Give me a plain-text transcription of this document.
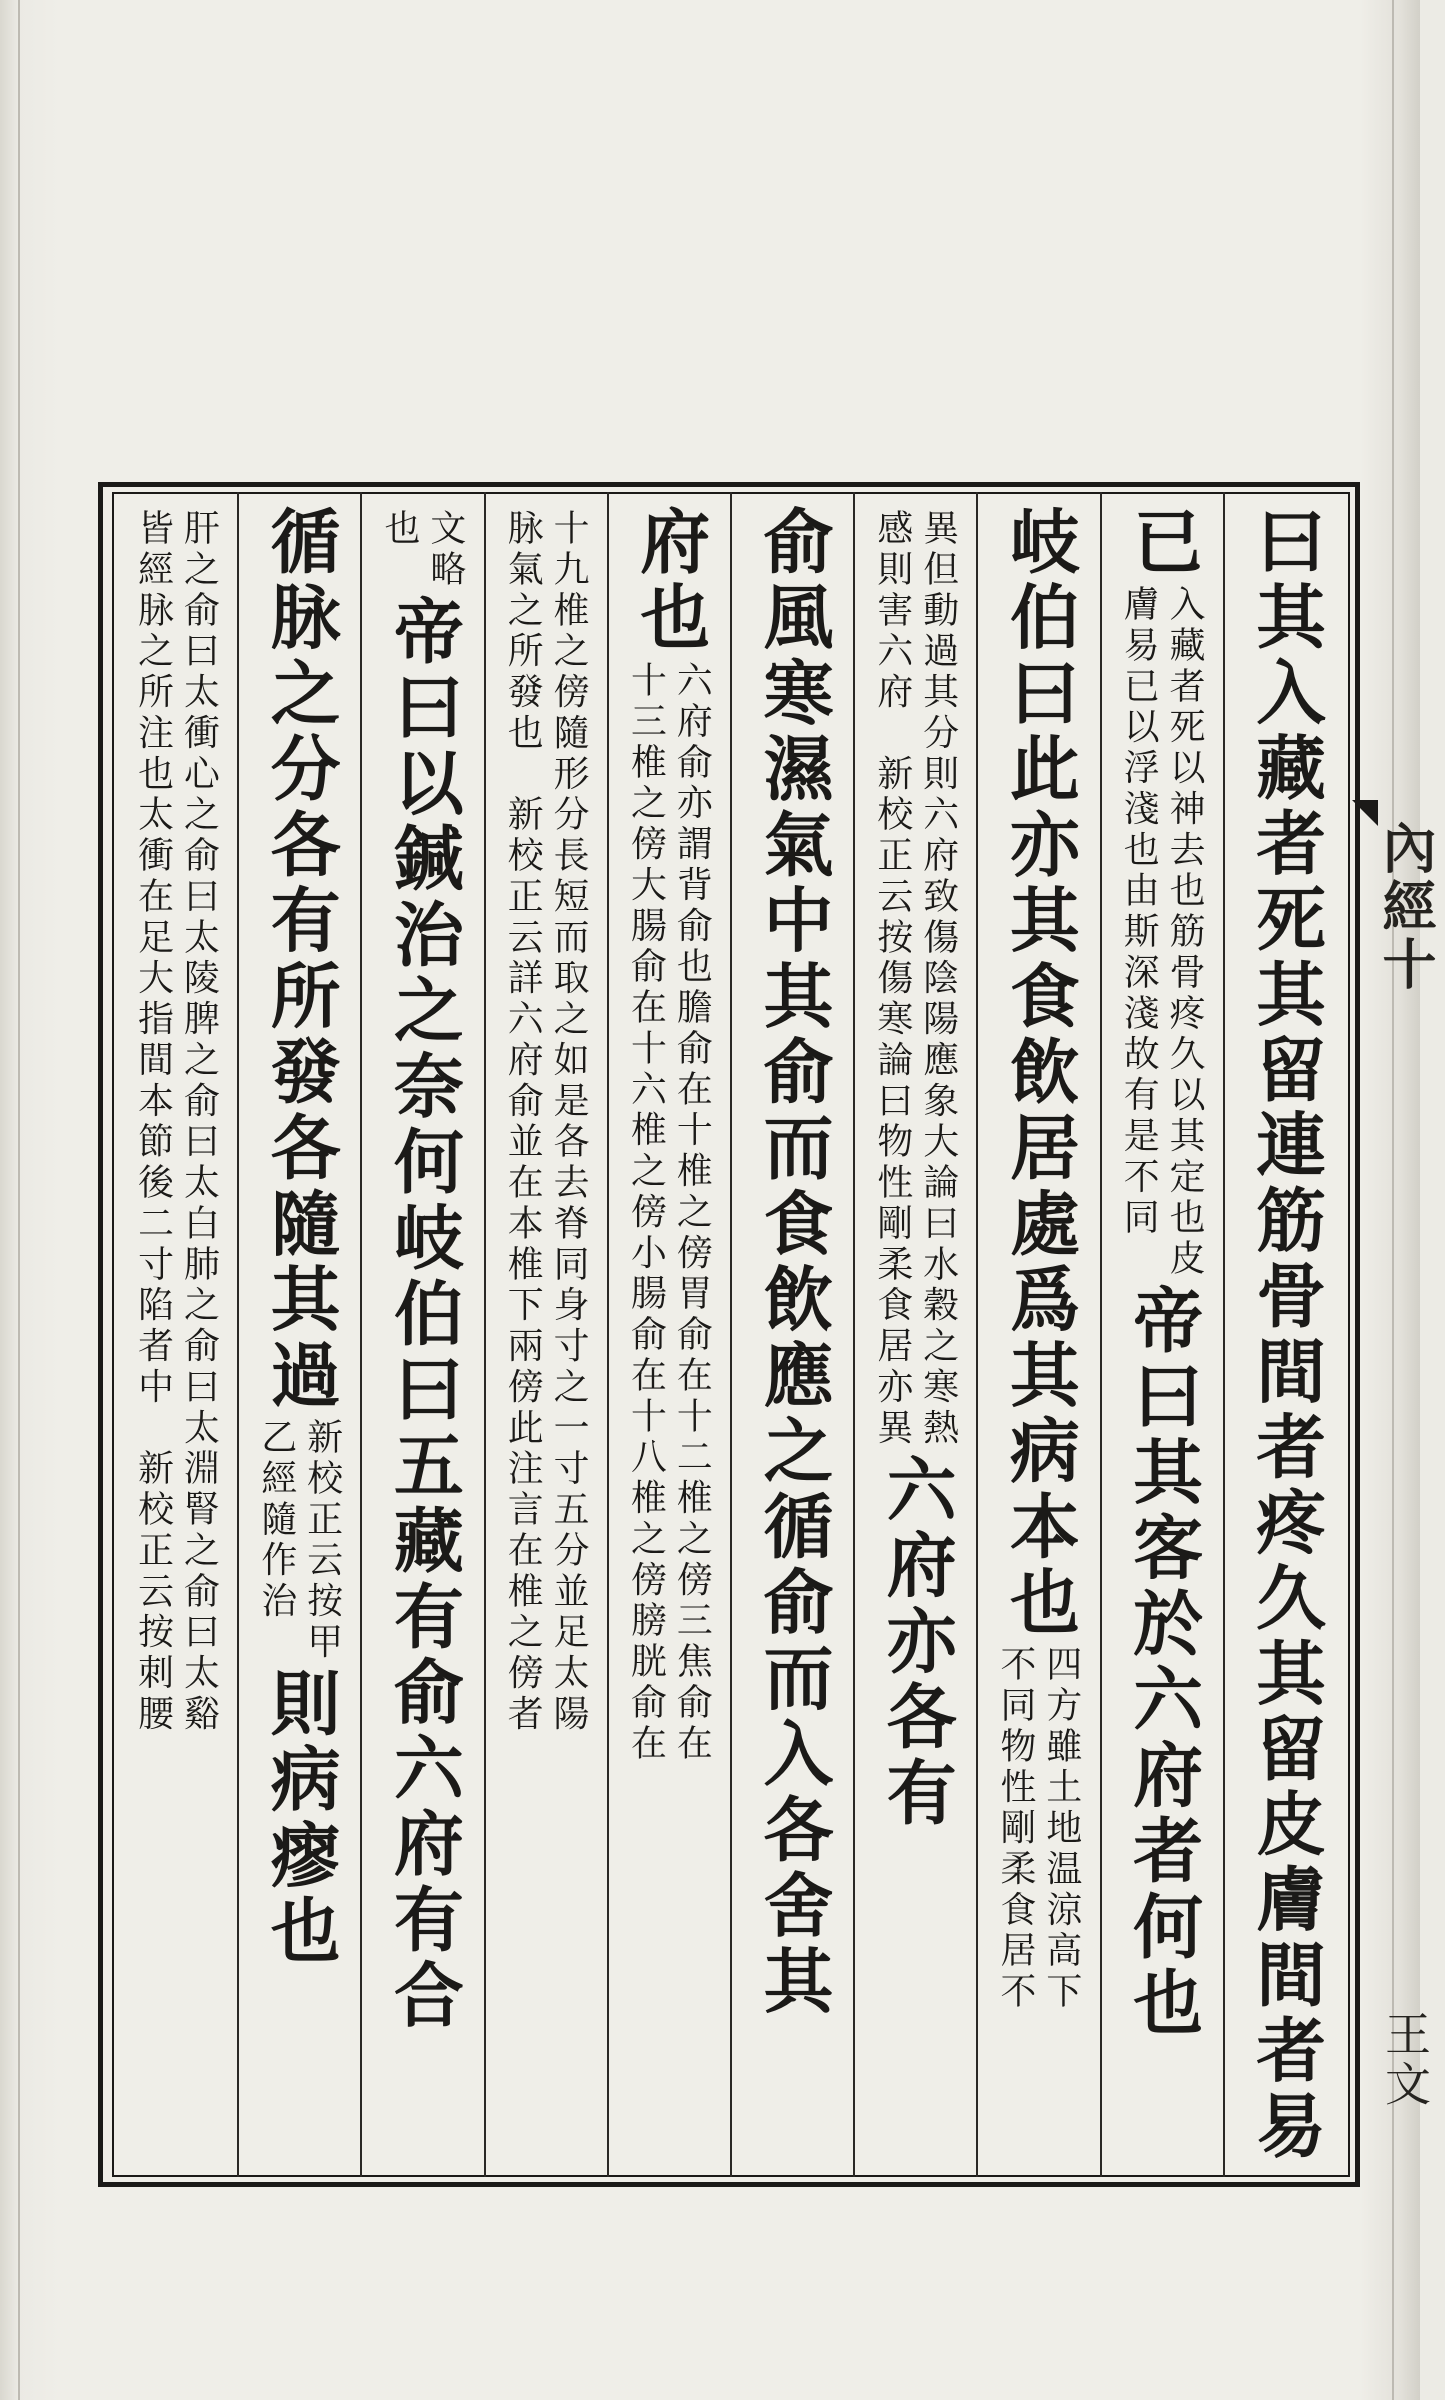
內經十
王文
曰其入藏者死其留連筋骨間者疼久其留皮膚間者易
已
入藏者死以神去也筋骨疼久以其定也皮
膚易已以浮淺也由斯深淺故有是不同
帝曰其客於六府者何也
岐伯曰此亦其食飲居處爲其病本也
四方雖土地温涼高下
不同物性剛柔食居不
異但動過其分則六府致傷陰陽應象大論曰水穀之寒熱
感則害六府　新校正云按傷寒論曰物性剛柔食居亦異
六府亦各有
俞風寒濕氣中其俞而食飲應之循俞而入各舍其
府也
六府俞亦謂背俞也膽俞在十椎之傍胃俞在十二椎之傍三焦俞在
十三椎之傍大腸俞在十六椎之傍小腸俞在十八椎之傍膀胱俞在
十九椎之傍隨形分長短而取之如是各去脊同身寸之一寸五分並足太陽
脉氣之所發也　新校正云詳六府俞並在本椎下兩傍此注言在椎之傍者
文略
也
帝曰以鍼治之奈何岐伯曰五藏有俞六府有合
循脉之分各有所發各隨其過
新校正云按甲
乙經隨作治
則病瘳也
肝之俞曰太衝心之俞曰太陵脾之俞曰太白肺之俞曰太淵腎之俞曰太谿
皆經脉之所注也太衝在足大指間本節後二寸陷者中　新校正云按刺腰
